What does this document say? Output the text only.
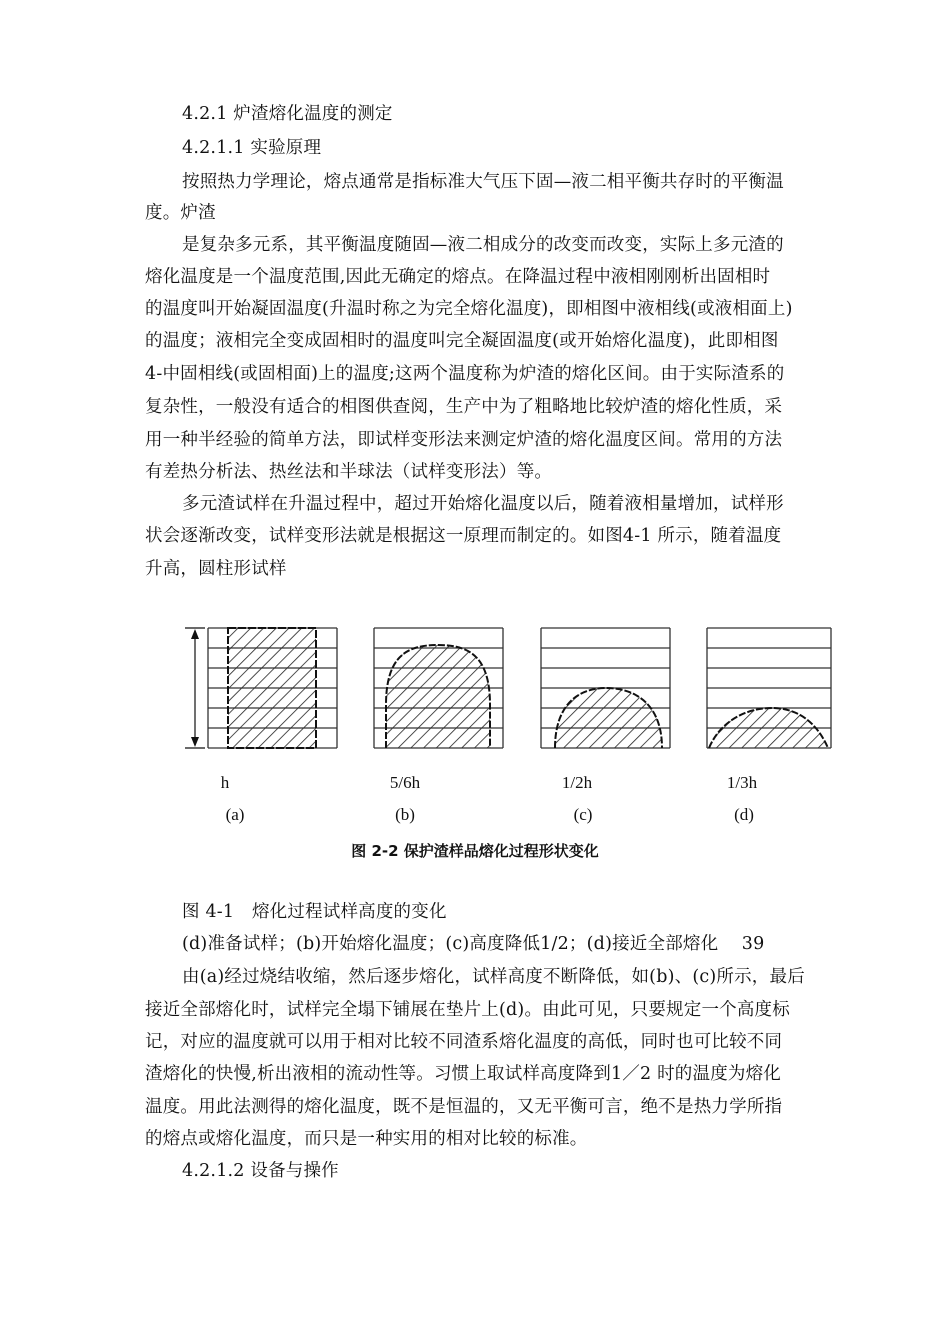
4.2.1 炉渣熔化温度的测定
4.2.1.1 实验原理
按照热力学理论，熔点通常是指标准大气压下固—液二相平衡共存时的平衡温
度。炉渣
是复杂多元系，其平衡温度随固—液二相成分的改变而改变，实际上多元渣的
熔化温度是一个温度范围,因此无确定的熔点。在降温过程中液相刚刚析出固相时
的温度叫开始凝固温度(升温时称之为完全熔化温度)，即相图中液相线(或液相面上)
的温度；液相完全变成固相时的温度叫完全凝固温度(或开始熔化温度)，此即相图
4-中固相线(或固相面)上的温度;这两个温度称为炉渣的熔化区间。由于实际渣系的
复杂性，一般没有适合的相图供查阅，生产中为了粗略地比较炉渣的熔化性质，采
用一种半经验的简单方法，即试样变形法来测定炉渣的熔化温度区间。常用的方法
有差热分析法、热丝法和半球法（试样变形法）等。
多元渣试样在升温过程中，超过开始熔化温度以后，随着液相量增加，试样形
状会逐渐改变，试样变形法就是根据这一原理而制定的。如图4-1 所示，随着温度
升高，圆柱形试样
h	5/6h	1/2h	1/3h
(a)	(b)	(c)	(d)
图 2-2 保护渣样品熔化过程形状变化
图 4-1　熔化过程试样高度的变化
(d)准备试样；(b)开始熔化温度；(c)高度降低1/2；(d)接近全部熔化　 39
由(a)经过烧结收缩，然后逐步熔化，试样高度不断降低，如(b)、(c)所示，最后
接近全部熔化时，试样完全塌下铺展在垫片上(d)。由此可见，只要规定一个高度标
记，对应的温度就可以用于相对比较不同渣系熔化温度的高低，同时也可比较不同
渣熔化的快慢,析出液相的流动性等。习惯上取试样高度降到1／2 时的温度为熔化
温度。用此法测得的熔化温度，既不是恒温的，又无平衡可言，绝不是热力学所指
的熔点或熔化温度，而只是一种实用的相对比较的标准。
4.2.1.2 设备与操作
